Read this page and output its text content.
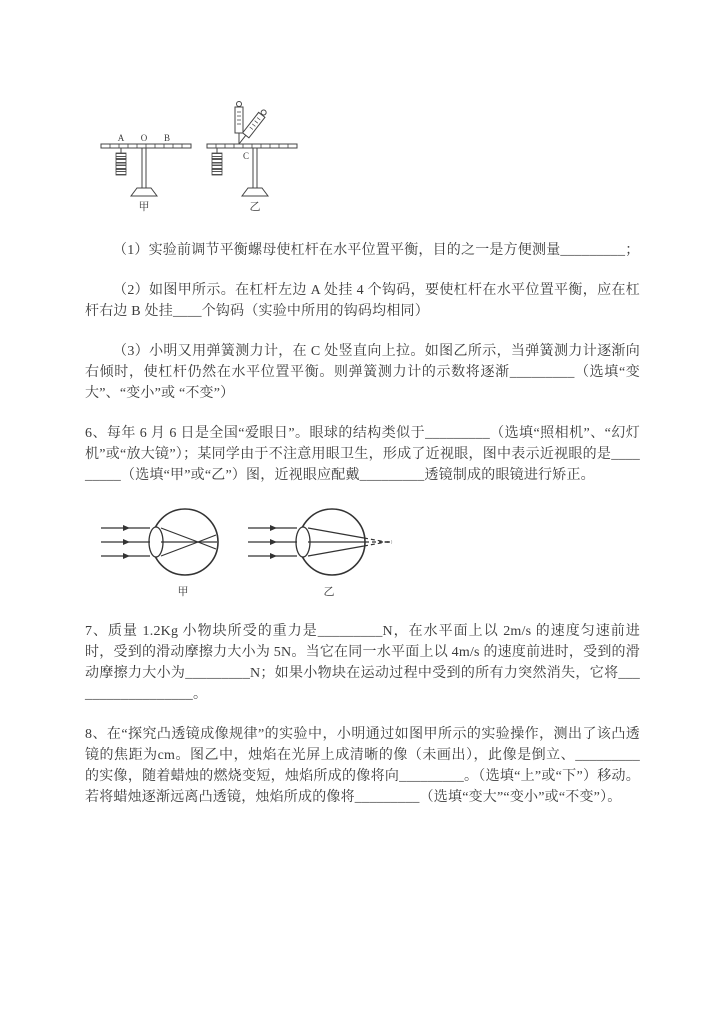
A O B
甲
C
乙

（1）实验前调节平衡螺母使杠杆在水平位置平衡，目的之一是方便测量_________；

（2）如图甲所示。在杠杆左边 A 处挂 4 个钩码，要使杠杆在水平位置平衡，应在杠杆右边 B 处挂____个钩码（实验中所用的钩码均相同）

（3）小明又用弹簧测力计，在 C 处竖直向上拉。如图乙所示，当弹簧测力计逐渐向右倾时，使杠杆仍然在水平位置平衡。则弹簧测力计的示数将逐渐_________（选填“变大”、“变小”或 “不变”）

6、每年 6 月 6 日是全国“爱眼日”。眼球的结构类似于_________（选填“照相机”、“幻灯机”或“放大镜”）；某同学由于不注意用眼卫生，形成了近视眼，图中表示近视眼的是_________（选填“甲”或“乙”）图，近视眼应配戴_________透镜制成的眼镜进行矫正。

甲	乙

7、质量 1.2Kg 小物块所受的重力是_________N，在水平面上以 2m/s 的速度匀速前进时，受到的滑动摩擦力大小为 5N。当它在同一水平面上以 4m/s 的速度前进时，受到的滑动摩擦力大小为_________N；如果小物块在运动过程中受到的所有力突然消失，它将__________________。

8、在“探究凸透镜成像规律”的实验中，小明通过如图甲所示的实验操作，测出了该凸透镜的焦距为cm。图乙中，烛焰在光屏上成清晰的像（未画出），此像是倒立、_________的实像，随着蜡烛的燃烧变短，烛焰所成的像将向_________。（选填“上”或“下”）移动。若将蜡烛逐渐远离凸透镜，烛焰所成的像将_________（选填“变大”“变小”或“不变”）。
